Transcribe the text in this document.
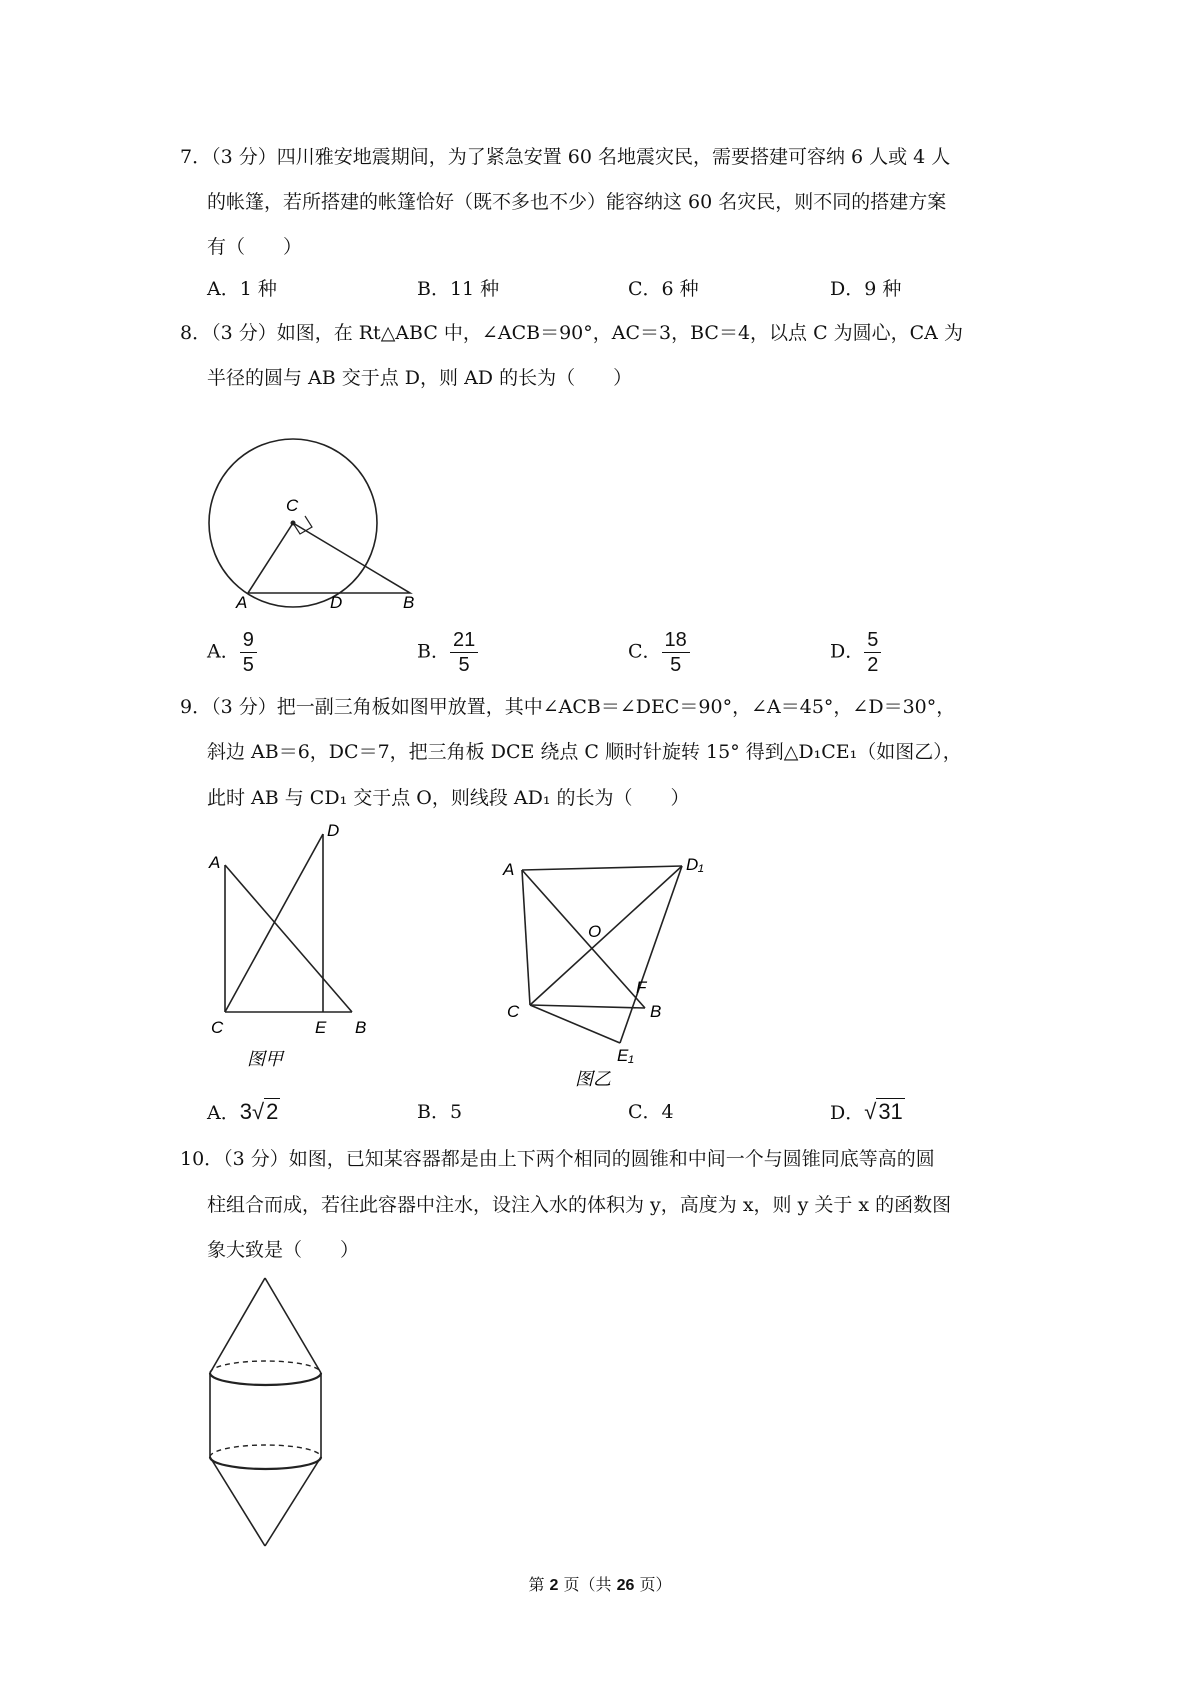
7．（3 分）四川雅安地震期间，为了紧急安置 60 名地震灾民，需要搭建可容纳 6 人或 4 人
的帐篷，若所搭建的帐篷恰好（既不多也不少）能容纳这 60 名灾民，则不同的搭建方案
有（　　）
A．1 种	B．11 种	C．6 种	D．9 种
8．（3 分）如图，在 Rt△ABC 中，∠ACB＝90°，AC＝3，BC＝4，以点 C 为圆心，CA 为
半径的圆与 AB 交于点 D，则 AD 的长为（　　）
C
A	D	B
A． $\frac{9}{5}$	B． $\frac{21}{5}$	C． $\frac{18}{5}$	D． $\frac{5}{2}$
9．（3 分）把一副三角板如图甲放置，其中∠ACB＝∠DEC＝90°，∠A＝45°，∠D＝30°，
斜边 AB＝6，DC＝7，把三角板 DCE 绕点 C 顺时针旋转 15° 得到△D₁CE₁（如图乙），
此时 AB 与 CD₁ 交于点 O，则线段 AD₁ 的长为（　　）
A
D
C	E B
图甲
A	D₁
O
F
C	B
E₁
图乙
A．3√2	B．5	C．4	D．√31
10．（3 分）如图，已知某容器都是由上下两个相同的圆锥和中间一个与圆锥同底等高的圆
柱组合而成，若往此容器中注水，设注入水的体积为 y，高度为 x，则 y 关于 x 的函数图
象大致是（　　）
第 2 页（共 26 页）
